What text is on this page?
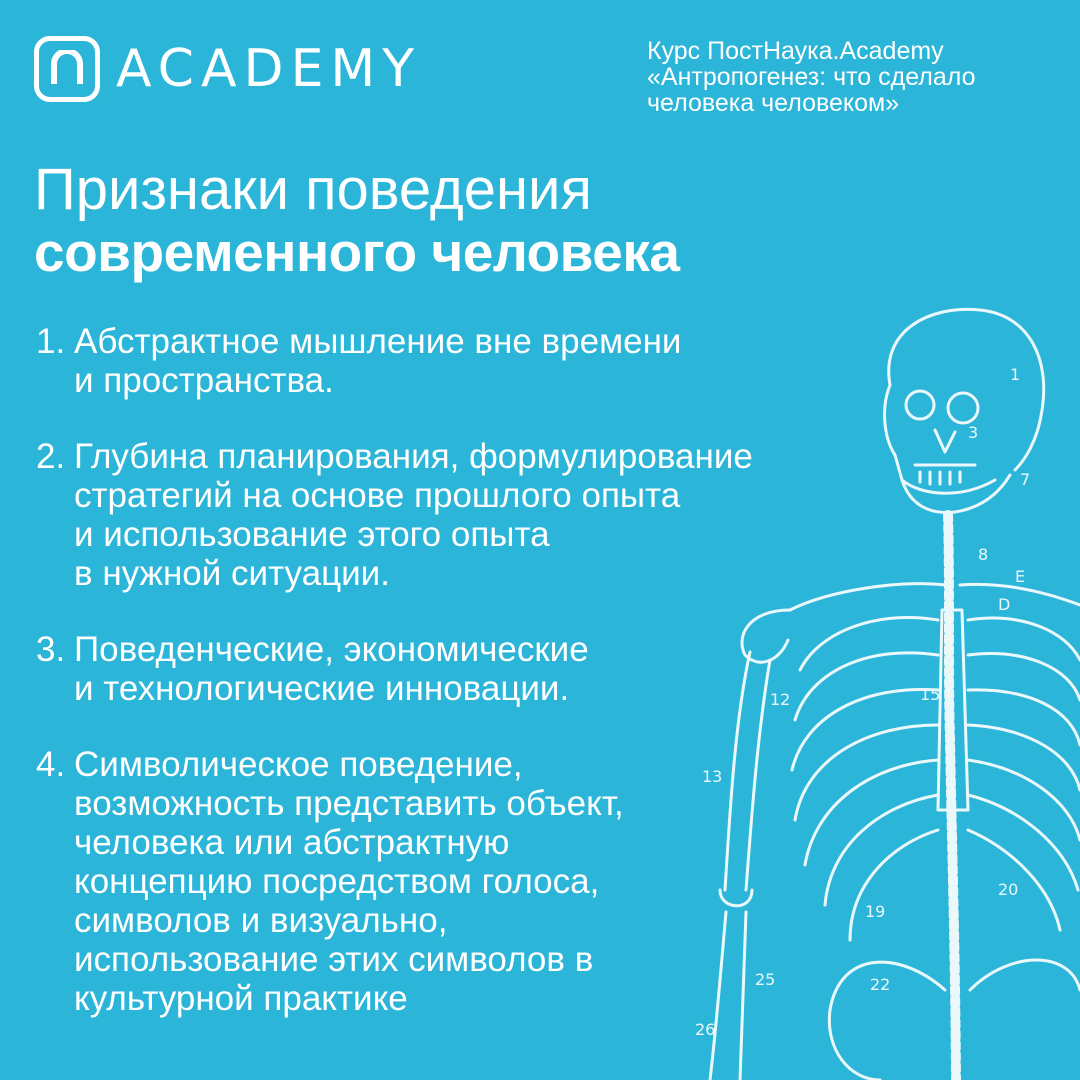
ACADEMY	Курс ПостНаука.Academy
«Антропогенез: что сделало
человека человеком»
Признаки поведения
современного человека
1. Абстрактное мышление вне времени
и пространства.
2. Глубина планирования, формулирование
стратегий на основе прошлого опыта
и использование этого опыта
в нужной ситуации.
3. Поведенческие, экономические
и технологические инновации.
4. Символическое поведение,
возможность представить объект,
человека или абстрактную
концепцию посредством голоса,
символов и визуально,
использование этих символов в
культурной практике
1
3
7
8
E
D
12
13
15
19
20
22
25
26
